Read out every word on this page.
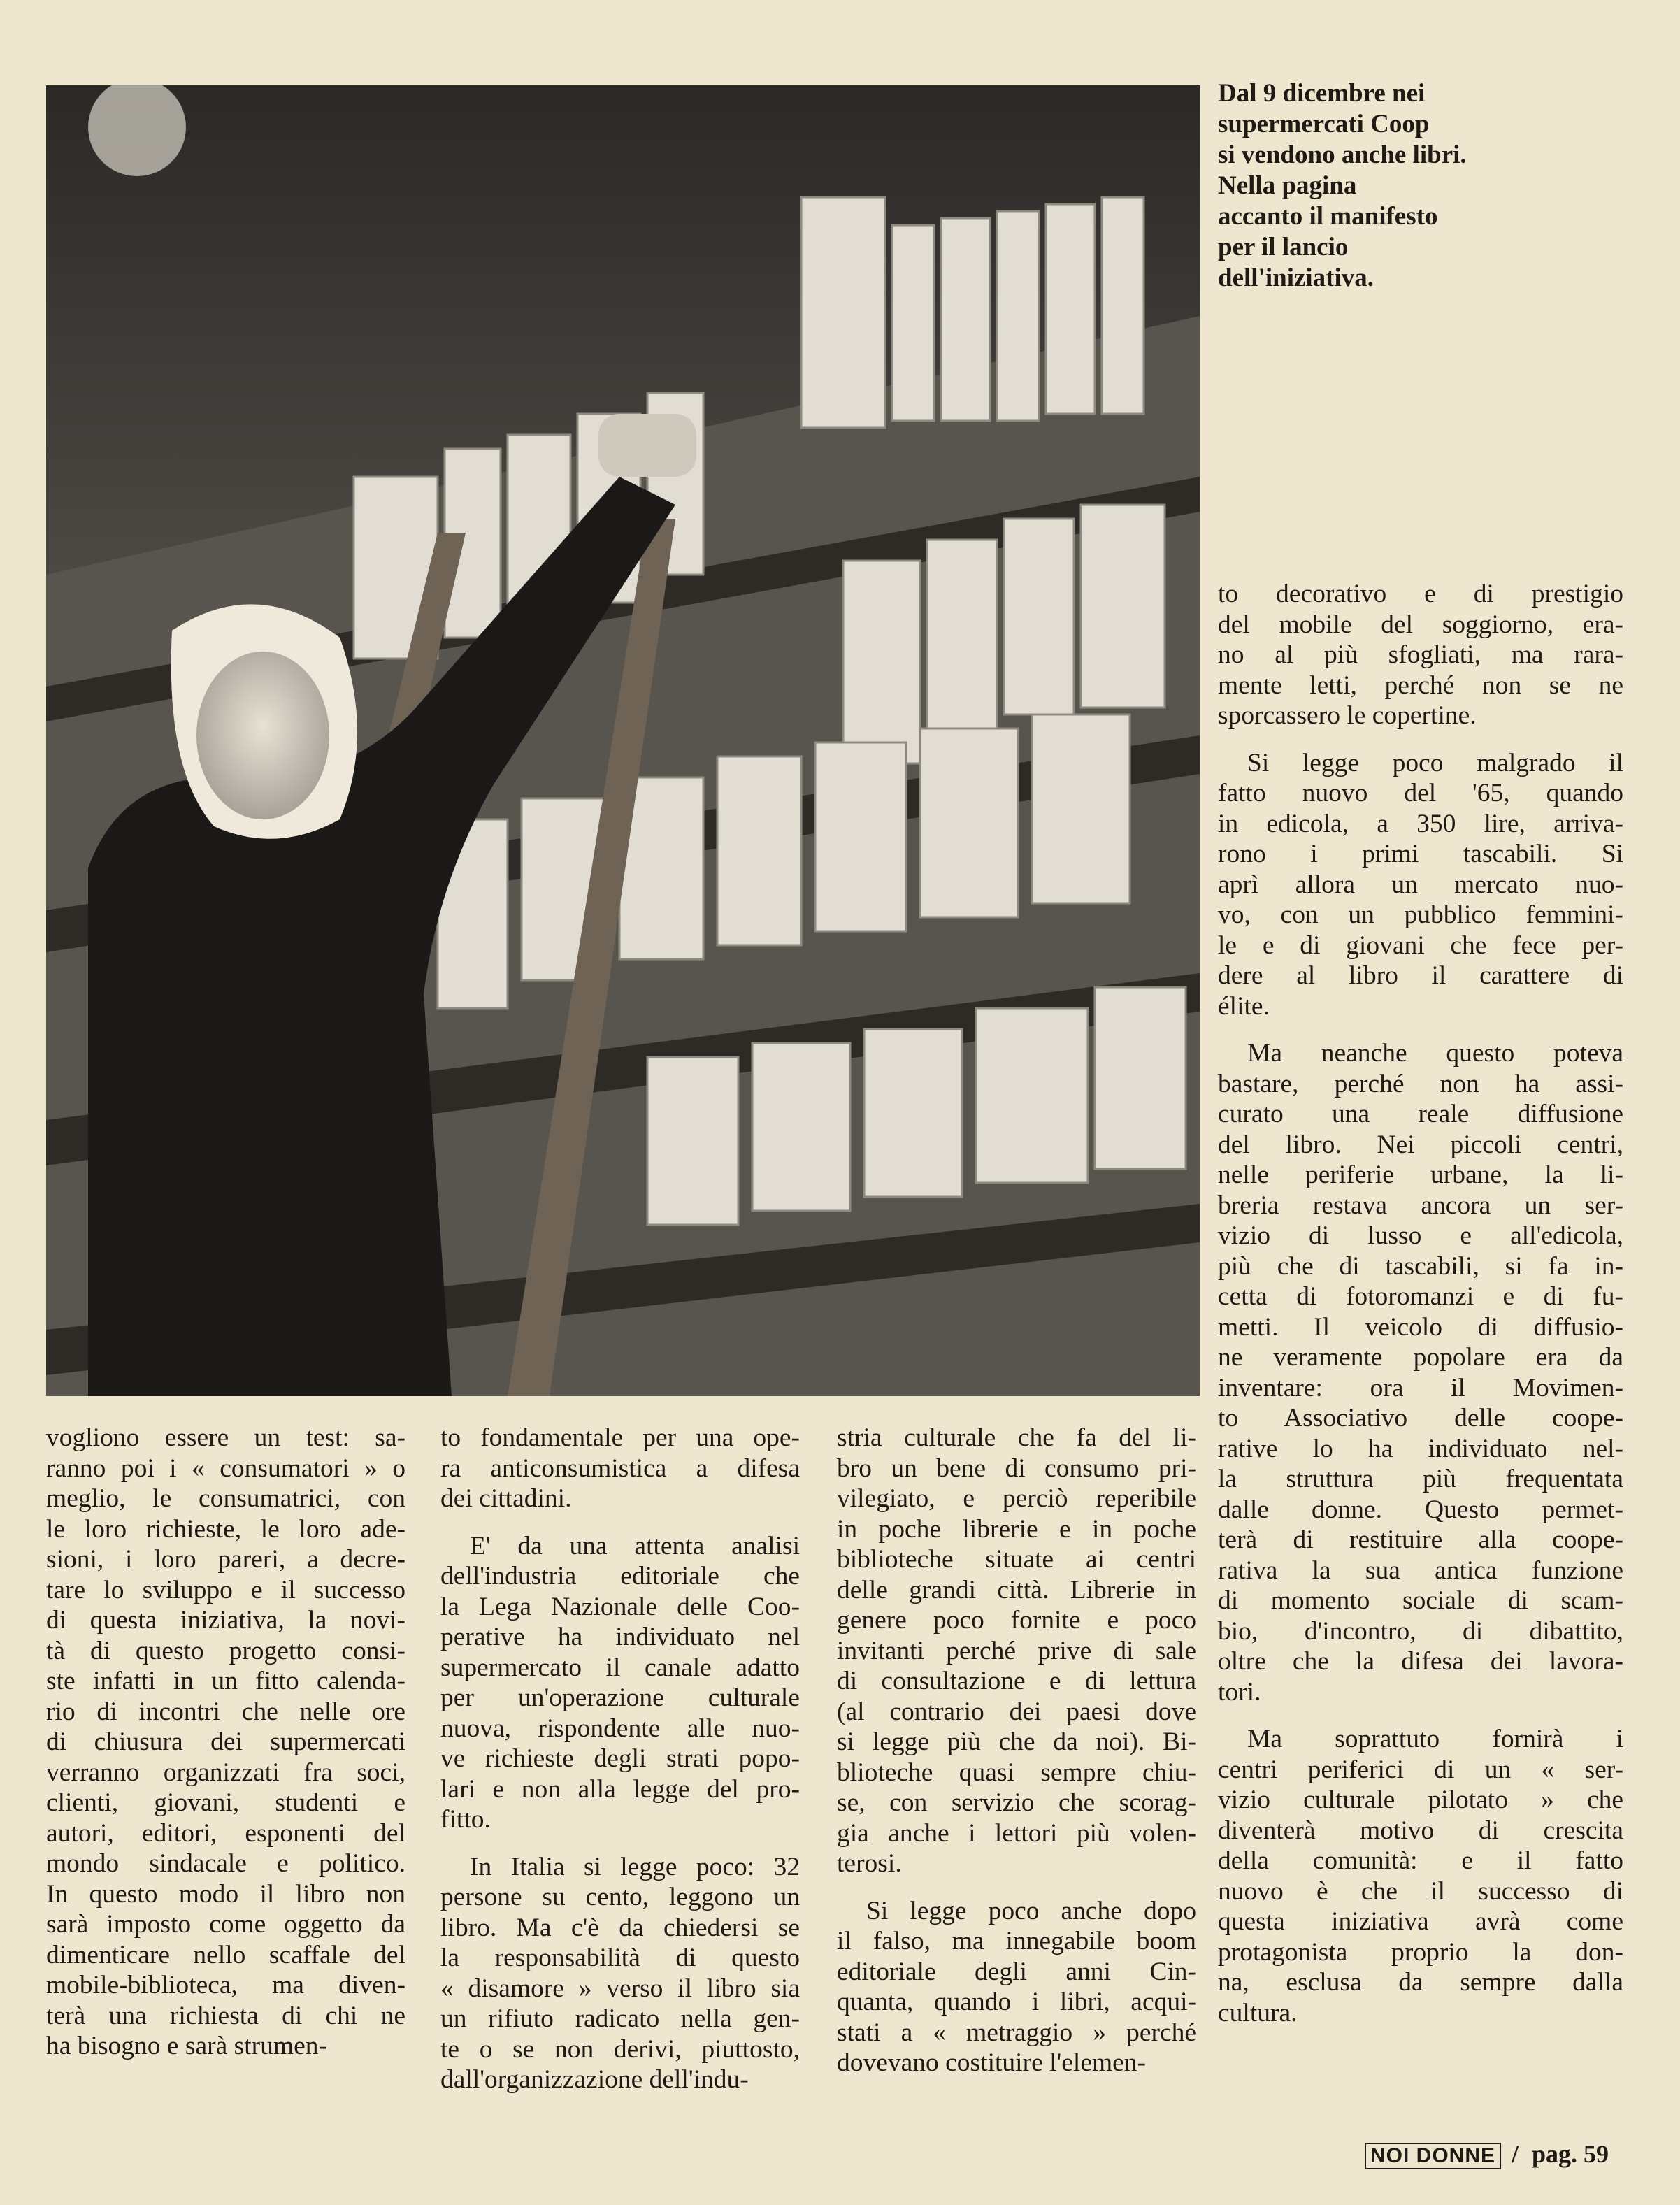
Dal 9 dicembre nei
supermercati Coop
si vendono anche libri.
Nella pagina
accanto il manifesto
per il lancio
dell'iniziativa.
vogliono essere un test: sa-
ranno poi i « consumatori » o
meglio, le consumatrici, con
le loro richieste, le loro ade-
sioni, i loro pareri, a decre-
tare lo sviluppo e il successo
di questa iniziativa, la novi-
tà di questo progetto consi-
ste infatti in un fitto calenda-
rio di incontri che nelle ore
di chiusura dei supermercati
verranno organizzati fra soci,
clienti, giovani, studenti e
autori, editori, esponenti del
mondo sindacale e politico.
In questo modo il libro non
sarà imposto come oggetto da
dimenticare nello scaffale del
mobile-biblioteca, ma diven-
terà una richiesta di chi ne
ha bisogno e sarà strumen-
to fondamentale per una ope-
ra anticonsumistica a difesa
dei cittadini.
E' da una attenta analisi
dell'industria editoriale che
la Lega Nazionale delle Coo-
perative ha individuato nel
supermercato il canale adatto
per un'operazione culturale
nuova, rispondente alle nuo-
ve richieste degli strati popo-
lari e non alla legge del pro-
fitto.
In Italia si legge poco: 32
persone su cento, leggono un
libro. Ma c'è da chiedersi se
la responsabilità di questo
« disamore » verso il libro sia
un rifiuto radicato nella gen-
te o se non derivi, piuttosto,
dall'organizzazione dell'indu-
stria culturale che fa del li-
bro un bene di consumo pri-
vilegiato, e perciò reperibile
in poche librerie e in poche
biblioteche situate ai centri
delle grandi città. Librerie in
genere poco fornite e poco
invitanti perché prive di sale
di consultazione e di lettura
(al contrario dei paesi dove
si legge più che da noi). Bi-
blioteche quasi sempre chiu-
se, con servizio che scorag-
gia anche i lettori più volen-
terosi.
Si legge poco anche dopo
il falso, ma innegabile boom
editoriale degli anni Cin-
quanta, quando i libri, acqui-
stati a « metraggio » perché
dovevano costituire l'elemen-
to decorativo e di prestigio
del mobile del soggiorno, era-
no al più sfogliati, ma rara-
mente letti, perché non se ne
sporcassero le copertine.
Si legge poco malgrado il
fatto nuovo del '65, quando
in edicola, a 350 lire, arriva-
rono i primi tascabili. Si
aprì allora un mercato nuo-
vo, con un pubblico femmini-
le e di giovani che fece per-
dere al libro il carattere di
élite.
Ma neanche questo poteva
bastare, perché non ha assi-
curato una reale diffusione
del libro. Nei piccoli centri,
nelle periferie urbane, la li-
breria restava ancora un ser-
vizio di lusso e all'edicola,
più che di tascabili, si fa in-
cetta di fotoromanzi e di fu-
metti. Il veicolo di diffusio-
ne veramente popolare era da
inventare: ora il Movimen-
to Associativo delle coope-
rative lo ha individuato nel-
la struttura più frequentata
dalle donne. Questo permet-
terà di restituire alla coope-
rativa la sua antica funzione
di momento sociale di scam-
bio, d'incontro, di dibattito,
oltre che la difesa dei lavora-
tori.
Ma soprattuto fornirà i
centri periferici di un « ser-
vizio culturale pilotato » che
diventerà motivo di crescita
della comunità: e il fatto
nuovo è che il successo di
questa iniziativa avrà come
protagonista proprio la don-
na, esclusa da sempre dalla
cultura.
NOI DONNE / pag. 59
